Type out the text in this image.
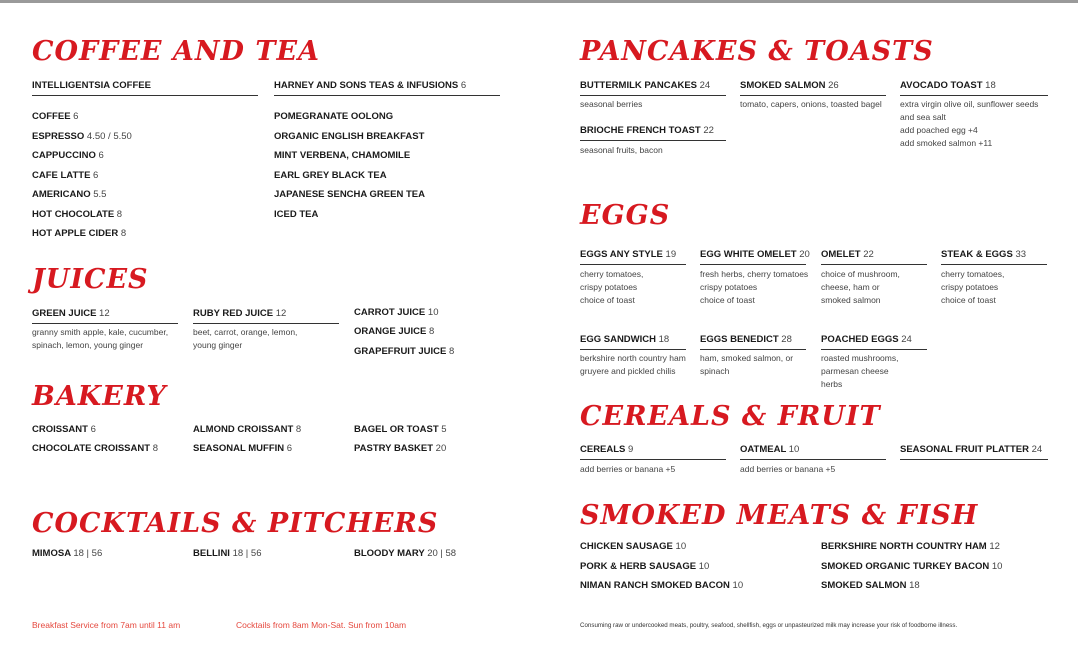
COFFEE AND TEA
INTELLIGENTSIA COFFEE	HARNEY AND SONS TEAS & INFUSIONS 6
COFFEE 6
ESPRESSO 4.50 / 5.50
CAPPUCCINO 6
CAFE LATTE 6
AMERICANO 5.5
HOT CHOCOLATE 8
HOT APPLE CIDER 8
POMEGRANATE OOLONG
ORGANIC ENGLISH BREAKFAST
MINT VERBENA, CHAMOMILE
EARL GREY BLACK TEA
JAPANESE SENCHA GREEN TEA
ICED TEA
JUICES
GREEN JUICE 12
granny smith apple, kale, cucumber, spinach, lemon, young ginger
RUBY RED JUICE 12
beet, carrot, orange, lemon, young ginger
CARROT JUICE 10
ORANGE JUICE 8
GRAPEFRUIT JUICE 8
BAKERY
CROISSANT 6
CHOCOLATE CROISSANT 8
ALMOND CROISSANT 8
SEASONAL MUFFIN 6
BAGEL OR TOAST 5
PASTRY BASKET 20
COCKTAILS & PITCHERS
MIMOSA 18 | 56	BELLINI 18 | 56	BLOODY MARY 20 | 58
Breakfast Service from 7am until 11 am	Cocktails from 8am Mon-Sat. Sun from 10am
PANCAKES & TOASTS
BUTTERMILK PANCAKES 24
seasonal berries
BRIOCHE FRENCH TOAST 22
seasonal fruits, bacon
SMOKED SALMON 26
tomato, capers, onions, toasted bagel
AVOCADO TOAST 18
extra virgin olive oil, sunflower seeds and sea salt
add poached egg +4
add smoked salmon +11
EGGS
EGGS ANY STYLE 19
cherry tomatoes,
crispy potatoes
choice of toast
EGG WHITE OMELET 20
fresh herbs, cherry tomatoes
crispy potatoes
choice of toast
OMELET 22
choice of mushroom,
cheese, ham or
smoked salmon
STEAK & EGGS 33
cherry tomatoes,
crispy potatoes
choice of toast
EGG SANDWICH 18
berkshire north country ham
gruyere and pickled chilis
EGGS BENEDICT 28
ham, smoked salmon, or
spinach
POACHED EGGS 24
roasted mushrooms,
parmesan cheese
herbs
CEREALS & FRUIT
CEREALS 9
add berries or banana +5
OATMEAL 10
add berries or banana +5
SEASONAL FRUIT PLATTER 24
SMOKED MEATS & FISH
CHICKEN SAUSAGE 10
PORK & HERB SAUSAGE 10
NIMAN RANCH SMOKED BACON 10
BERKSHIRE NORTH COUNTRY HAM 12
SMOKED ORGANIC TURKEY BACON 10
SMOKED SALMON 18
Consuming raw or undercooked meats, poultry, seafood, shellfish, eggs or unpasteurized milk may increase your risk of foodborne illness.
